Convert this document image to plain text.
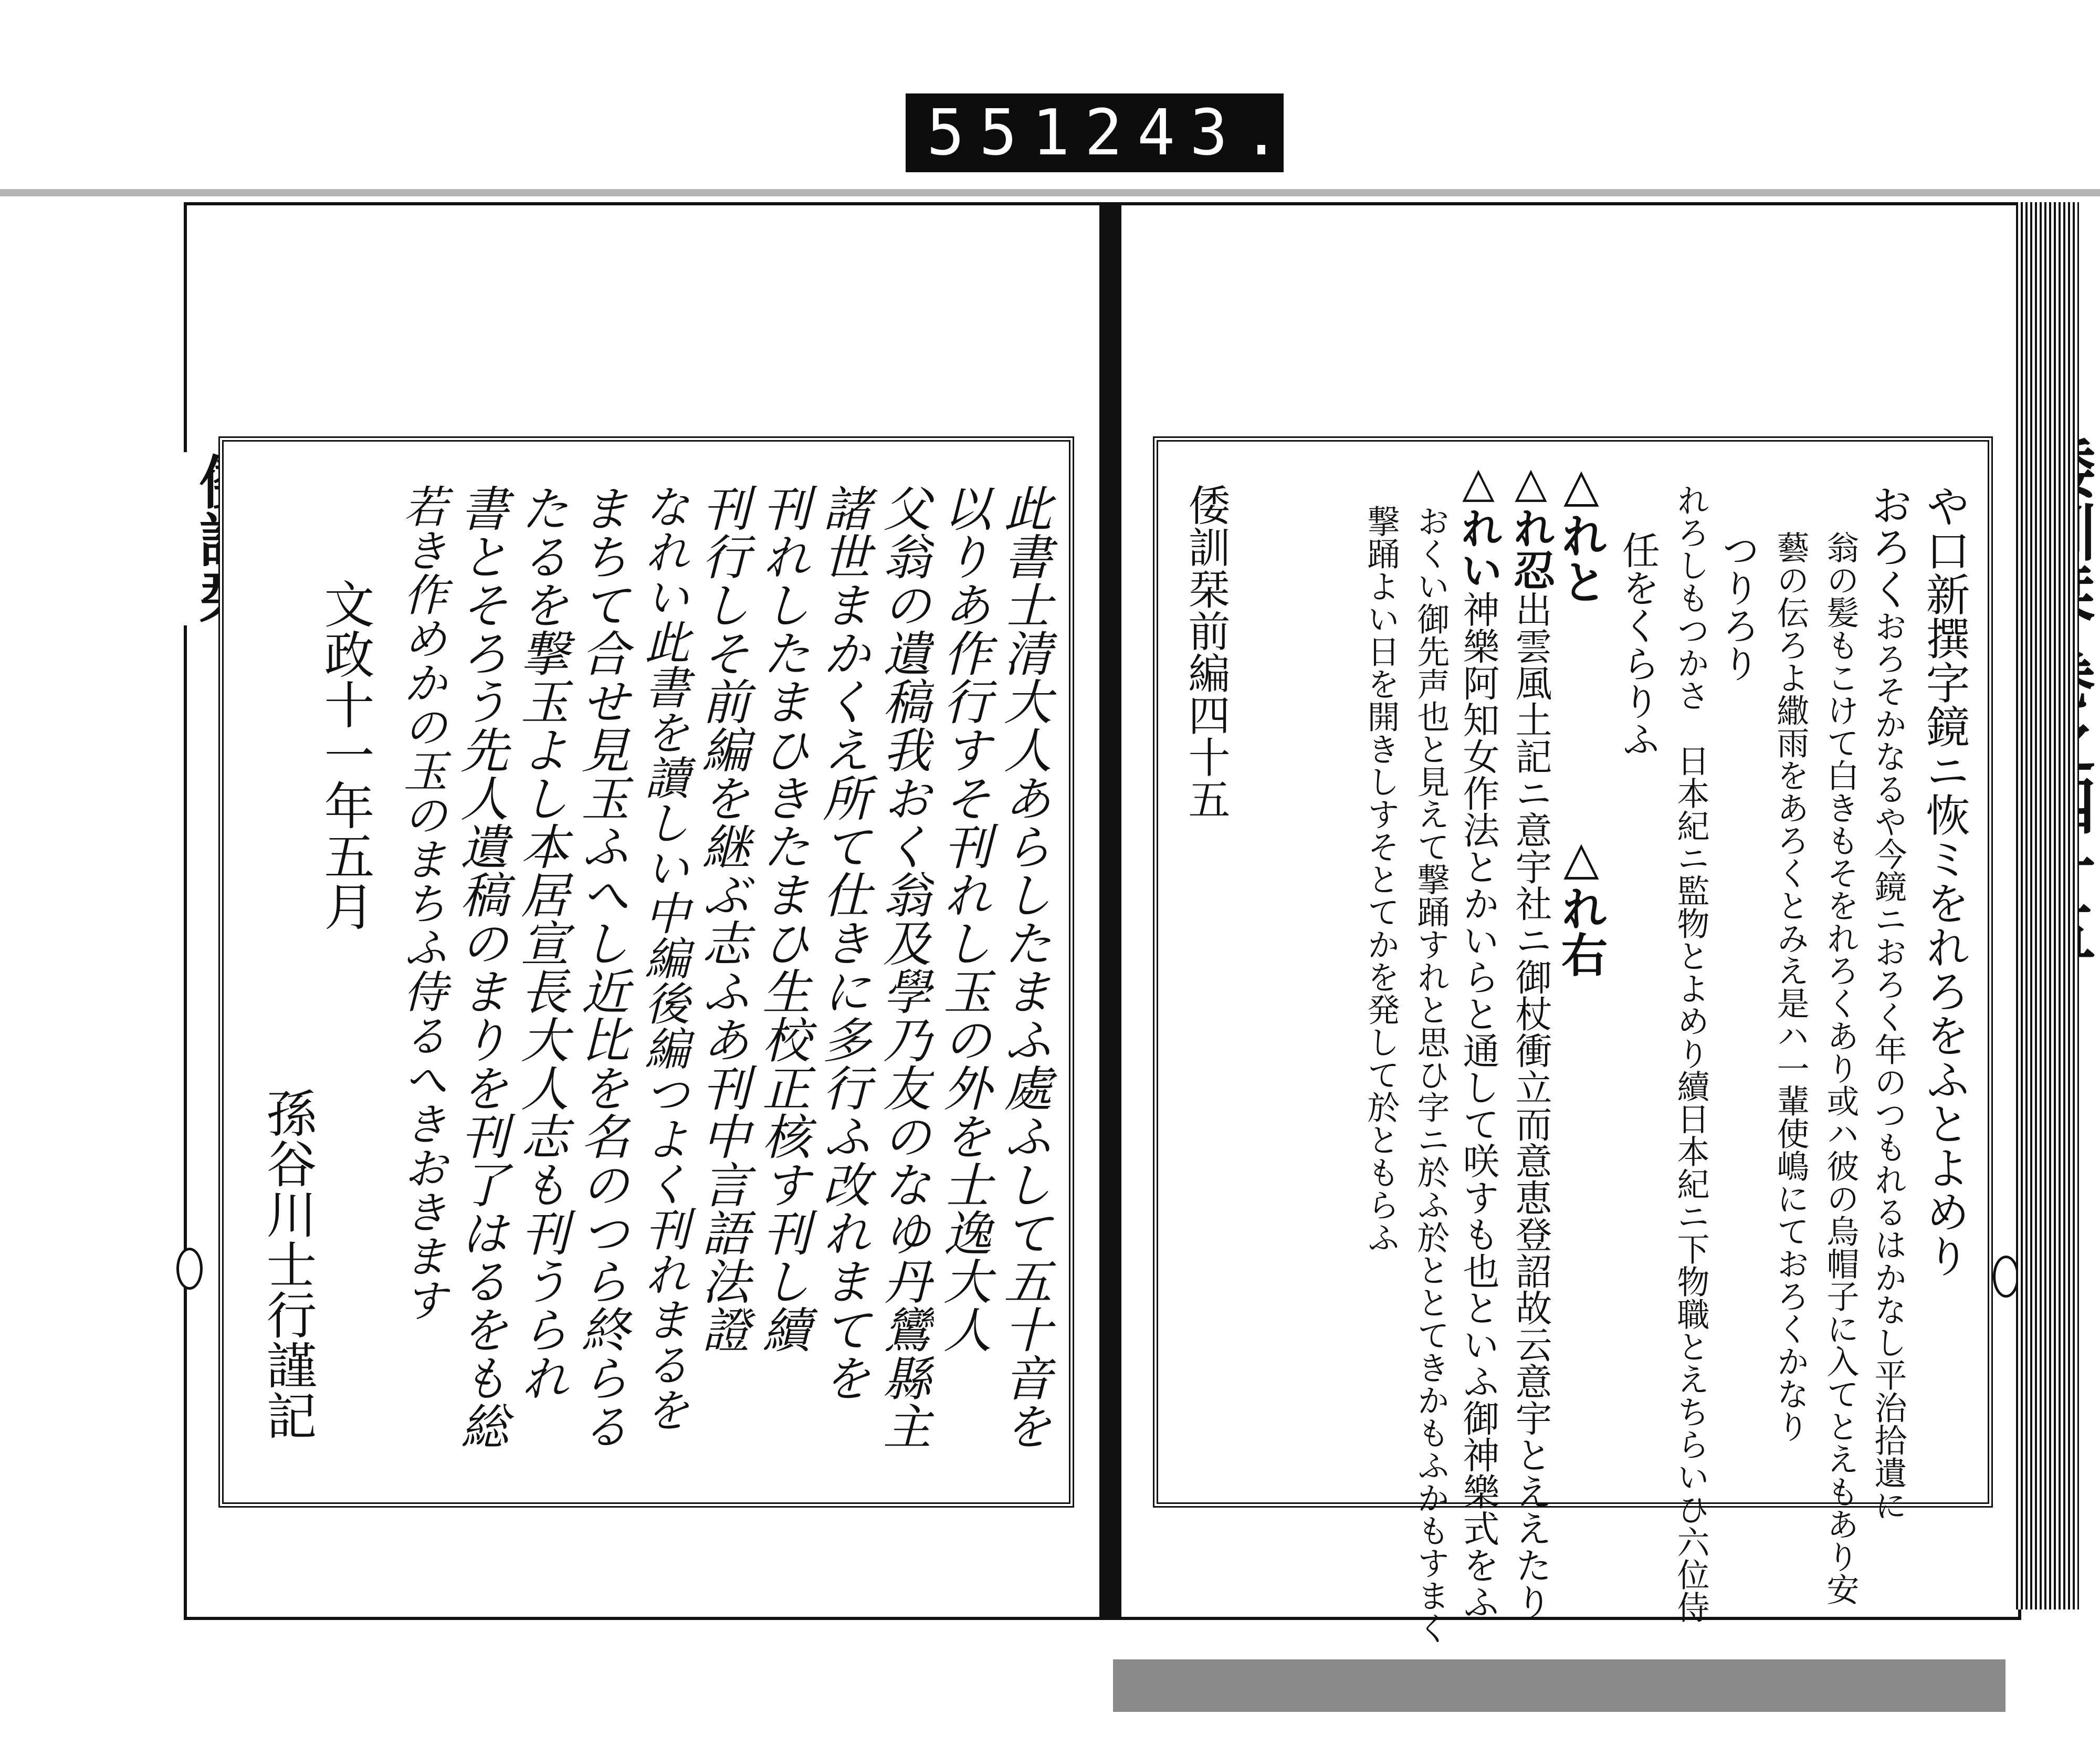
551 243.
此書士清大人あらしたまふ處ふして五十音を
以りあ作行すそ刊れし玉の外を士逸大人
父翁の遺稿我おく翁及學乃友のなゆ丹鸞縣主
諸世まかくえ所て仕きに多行ふ改れまてを
刊れしたまひきたまひ生校正核す刊し續
刊行しそ前編を継ぶ志ふあ刊中言語法證
なれい此書を讀しい中編後編つよく刊れまるを
まちて合せ見玉ふへし近比を名のつら終らる
たるを撃玉よし本居宣長大人志も刊うられ
書とそろう先人遺稿のまりを刊了はるをも総
若き作めかの玉のまちふ侍るへきおきます
文政十一年五月
孫谷川士行謹記
や口新撰字鏡ニ恢ミをれろをふとよめり
おろくおろそかなるや今鏡ニおろく年のつもれるはかなし平治拾遺に
翁の髪もこけて白きもそをれろくあり或ハ彼の烏帽子に入てとえもあり安
藝の伝ろよ繖雨をあろくとみえ是ハ一輩使嶋にておろくかなり
つりろり
れろしもつかさ　日本紀ニ監物とよめり續日本紀ニ下物職とえちらいひ六位侍
任をくらりふ
△れと
△れ右
△れ忍出雲風土記ニ意宇社ニ御杖衝立而意恵登詔故云意宇とええたり
△れい神樂阿知女作法とかいらと通して咲すも也といふ御神樂式をふ
おくい御先声也と見えて撃踊すれと思ひ字ニ於ふ於ととてきかもふかもすまく
撃踊よい日を開きしすそとてかを発して於ともらふ
倭訓栞前編四十五
